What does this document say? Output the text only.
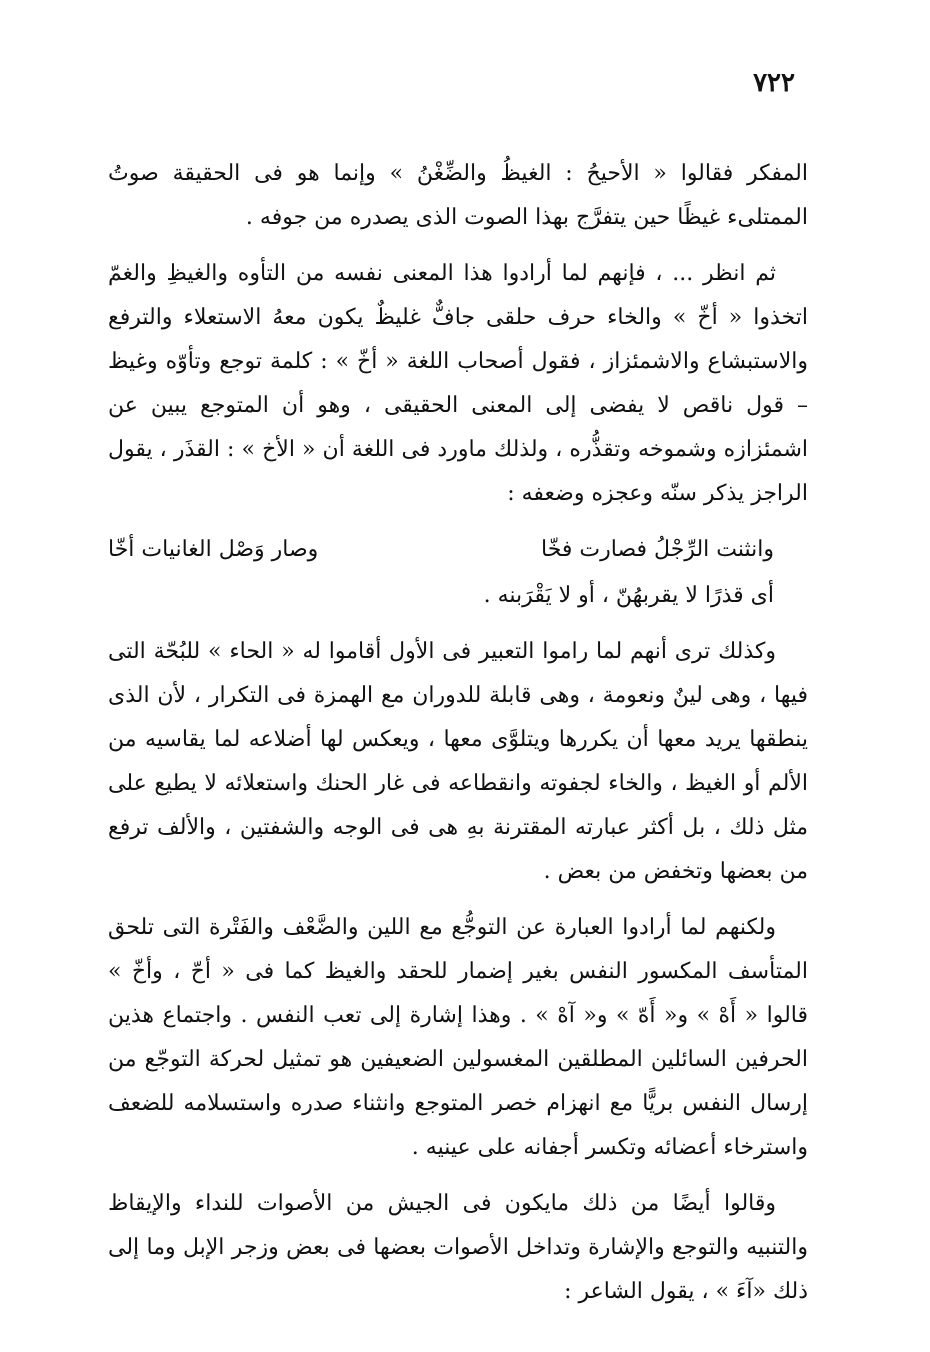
٧٢٢

المفكر فقالوا « الأحيحُ : الغيظُ والضِّغْنُ » وإنما هو فى الحقيقة صوتُ الممتلىء غيظًا حين يتفرَّج بهذا الصوت الذى يصدره من جوفه .

ثم انظر ... ، فإنهم لما أرادوا هذا المعنى نفسه من التأوه والغيظِ والغمّ اتخذوا « أخّ » والخاء حرف حلقى جافٌّ غليظٌ يكون معهُ الاستعلاء والترفع والاستبشاع والاشمئزاز ، فقول أصحاب اللغة « أخّ » : كلمة توجع وتأوّه وغيظ – قول ناقص لا يفضى إلى المعنى الحقيقى ، وهو أن المتوجع يبين عن اشمئزازه وشموخه وتقذُّره ، ولذلك ماورد فى اللغة أن « الأخ » : القذَر ، يقول الراجز يذكر سنّه وعجزه وضعفه :

وانثنت الرِّجْلُ فصارت فخّا
وصار وَصْل الغانيات أخّا
أى قذرًا لا يقربهُنّ ، أو لا يَقْرَبنه .

وكذلك ترى أنهم لما راموا التعبير فى الأول أقاموا له « الحاء » للبُحّة التى فيها ، وهى لينٌ ونعومة ، وهى قابلة للدوران مع الهمزة فى التكرار ، لأن الذى ينطقها يريد معها أن يكررها ويتلوَّى معها ، ويعكس لها أضلاعه لما يقاسيه من الألم أو الغيظ ، والخاء لجفوته وانقطاعه فى غار الحنك واستعلائه لا يطيع على مثل ذلك ، بل أكثر عبارته المقترنة بهِ هى فى الوجه والشفتين ، والألف ترفع من بعضها وتخفض من بعض .

ولكنهم لما أرادوا العبارة عن التوجُّع مع اللين والضَّعْف والفَتْرة التى تلحق المتأسف المكسور النفس بغير إضمار للحقد والغيظ كما فى « أحّ ، وأخّ » قالوا « أَهْ » و« أَهّ » و« آهْ » . وهذا إشارة إلى تعب النفس . واجتماع هذين الحرفين السائلين المطلقين المغسولين الضعيفين هو تمثيل لحركة التوجّع من إرسال النفس بريًّا مع انهزام خصر المتوجع وانثناء صدره واستسلامه للضعف واسترخاء أعضائه وتكسر أجفانه على عينيه .

وقالوا أيضًا من ذلك مايكون فى الجيش من الأصوات للنداء والإيقاظ والتنبيه والتوجع والإشارة وتداخل الأصوات بعضها فى بعض وزجر الإبل وما إلى ذلك «آءَ » ، يقول الشاعر :
